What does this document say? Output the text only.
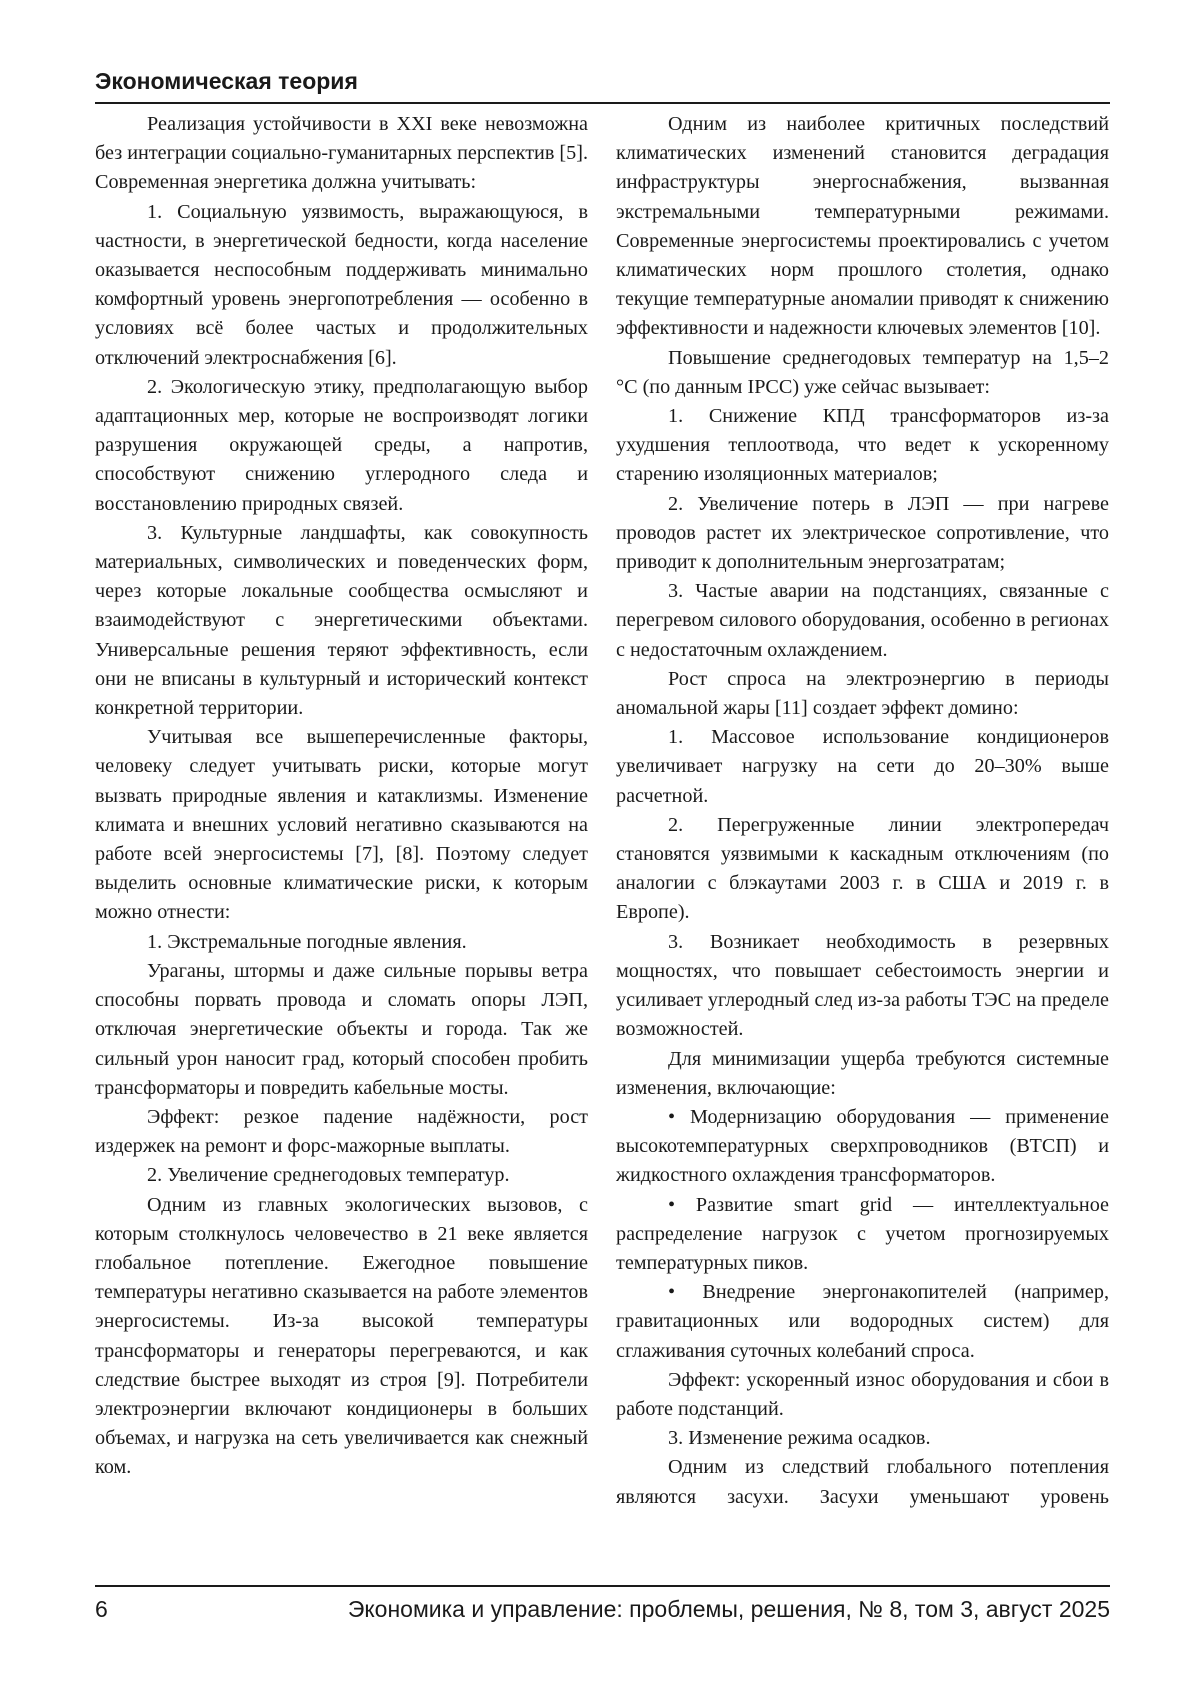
Экономическая теория

Реализация устойчивости в XXI веке невозможна без интеграции социально-гуманитарных перспектив [5]. Современная энергетика должна учитывать:

1. Социальную уязвимость, выражающуюся, в частности, в энергетической бедности, когда население оказывается неспособным поддерживать минимально комфортный уровень энергопотребления — особенно в условиях всё более частых и продолжительных отключений электроснабжения [6].

2. Экологическую этику, предполагающую выбор адаптационных мер, которые не воспроизводят логики разрушения окружающей среды, а напротив, способствуют снижению углеродного следа и восстановлению природных связей.

3. Культурные ландшафты, как совокупность материальных, символических и поведенческих форм, через которые локальные сообщества осмысляют и взаимодействуют с энергетическими объектами. Универсальные решения теряют эффективность, если они не вписаны в культурный и исторический контекст конкретной территории.

Учитывая все вышеперечисленные факторы, человеку следует учитывать риски, которые могут вызвать природные явления и катаклизмы. Изменение климата и внешних условий негативно сказываются на работе всей энергосистемы [7], [8]. Поэтому следует выделить основные климатические риски, к которым можно отнести:

1. Экстремальные погодные явления.

Ураганы, штормы и даже сильные порывы ветра способны порвать провода и сломать опоры ЛЭП, отключая энергетические объекты и города. Так же сильный урон наносит град, который способен пробить трансформаторы и повредить кабельные мосты.

Эффект: резкое падение надёжности, рост издержек на ремонт и форс-мажорные выплаты.

2. Увеличение среднегодовых температур.

Одним из главных экологических вызовов, с которым столкнулось человечество в 21 веке является глобальное потепление. Ежегодное повышение температуры негативно сказывается на работе элементов энергосистемы. Из-за высокой температуры трансформаторы и генераторы перегреваются, и как следствие быстрее выходят из строя [9]. Потребители электроэнергии включают кондиционеры в больших объемах, и нагрузка на сеть увеличивается как снежный ком.

Одним из наиболее критичных последствий климатических изменений становится деградация инфраструктуры энергоснабжения, вызванная экстремальными температурными режимами. Современные энергосистемы проектировались с учетом климатических норм прошлого столетия, однако текущие температурные аномалии приводят к снижению эффективности и надежности ключевых элементов [10].

Повышение среднегодовых температур на 1,5–2 °C (по данным IPCC) уже сейчас вызывает:

1. Снижение КПД трансформаторов из-за ухудшения теплоотвода, что ведет к ускоренному старению изоляционных материалов;

2. Увеличение потерь в ЛЭП — при нагреве проводов растет их электрическое сопротивление, что приводит к дополнительным энергозатратам;

3. Частые аварии на подстанциях, связанные с перегревом силового оборудования, особенно в регионах с недостаточным охлаждением.

Рост спроса на электроэнергию в периоды аномальной жары [11] создает эффект домино:

1. Массовое использование кондиционеров увеличивает нагрузку на сети до 20–30% выше расчетной.

2. Перегруженные линии электропередач становятся уязвимыми к каскадным отключениям (по аналогии с блэкаутами 2003 г. в США и 2019 г. в Европе).

3. Возникает необходимость в резервных мощностях, что повышает себестоимость энергии и усиливает углеродный след из-за работы ТЭС на пределе возможностей.

Для минимизации ущерба требуются системные изменения, включающие:

• Модернизацию оборудования — применение высокотемпературных сверхпроводников (ВТСП) и жидкостного охлаждения трансформаторов.

• Развитие smart grid — интеллектуальное распределение нагрузок с учетом прогнозируемых температурных пиков.

• Внедрение энергонакопителей (например, гравитационных или водородных систем) для сглаживания суточных колебаний спроса.

Эффект: ускоренный износ оборудования и сбои в работе подстанций.

3. Изменение режима осадков.

Одним из следствий глобального потепления являются засухи. Засухи уменьшают уровень

6	Экономика и управление: проблемы, решения, № 8, том 3, август 2025
